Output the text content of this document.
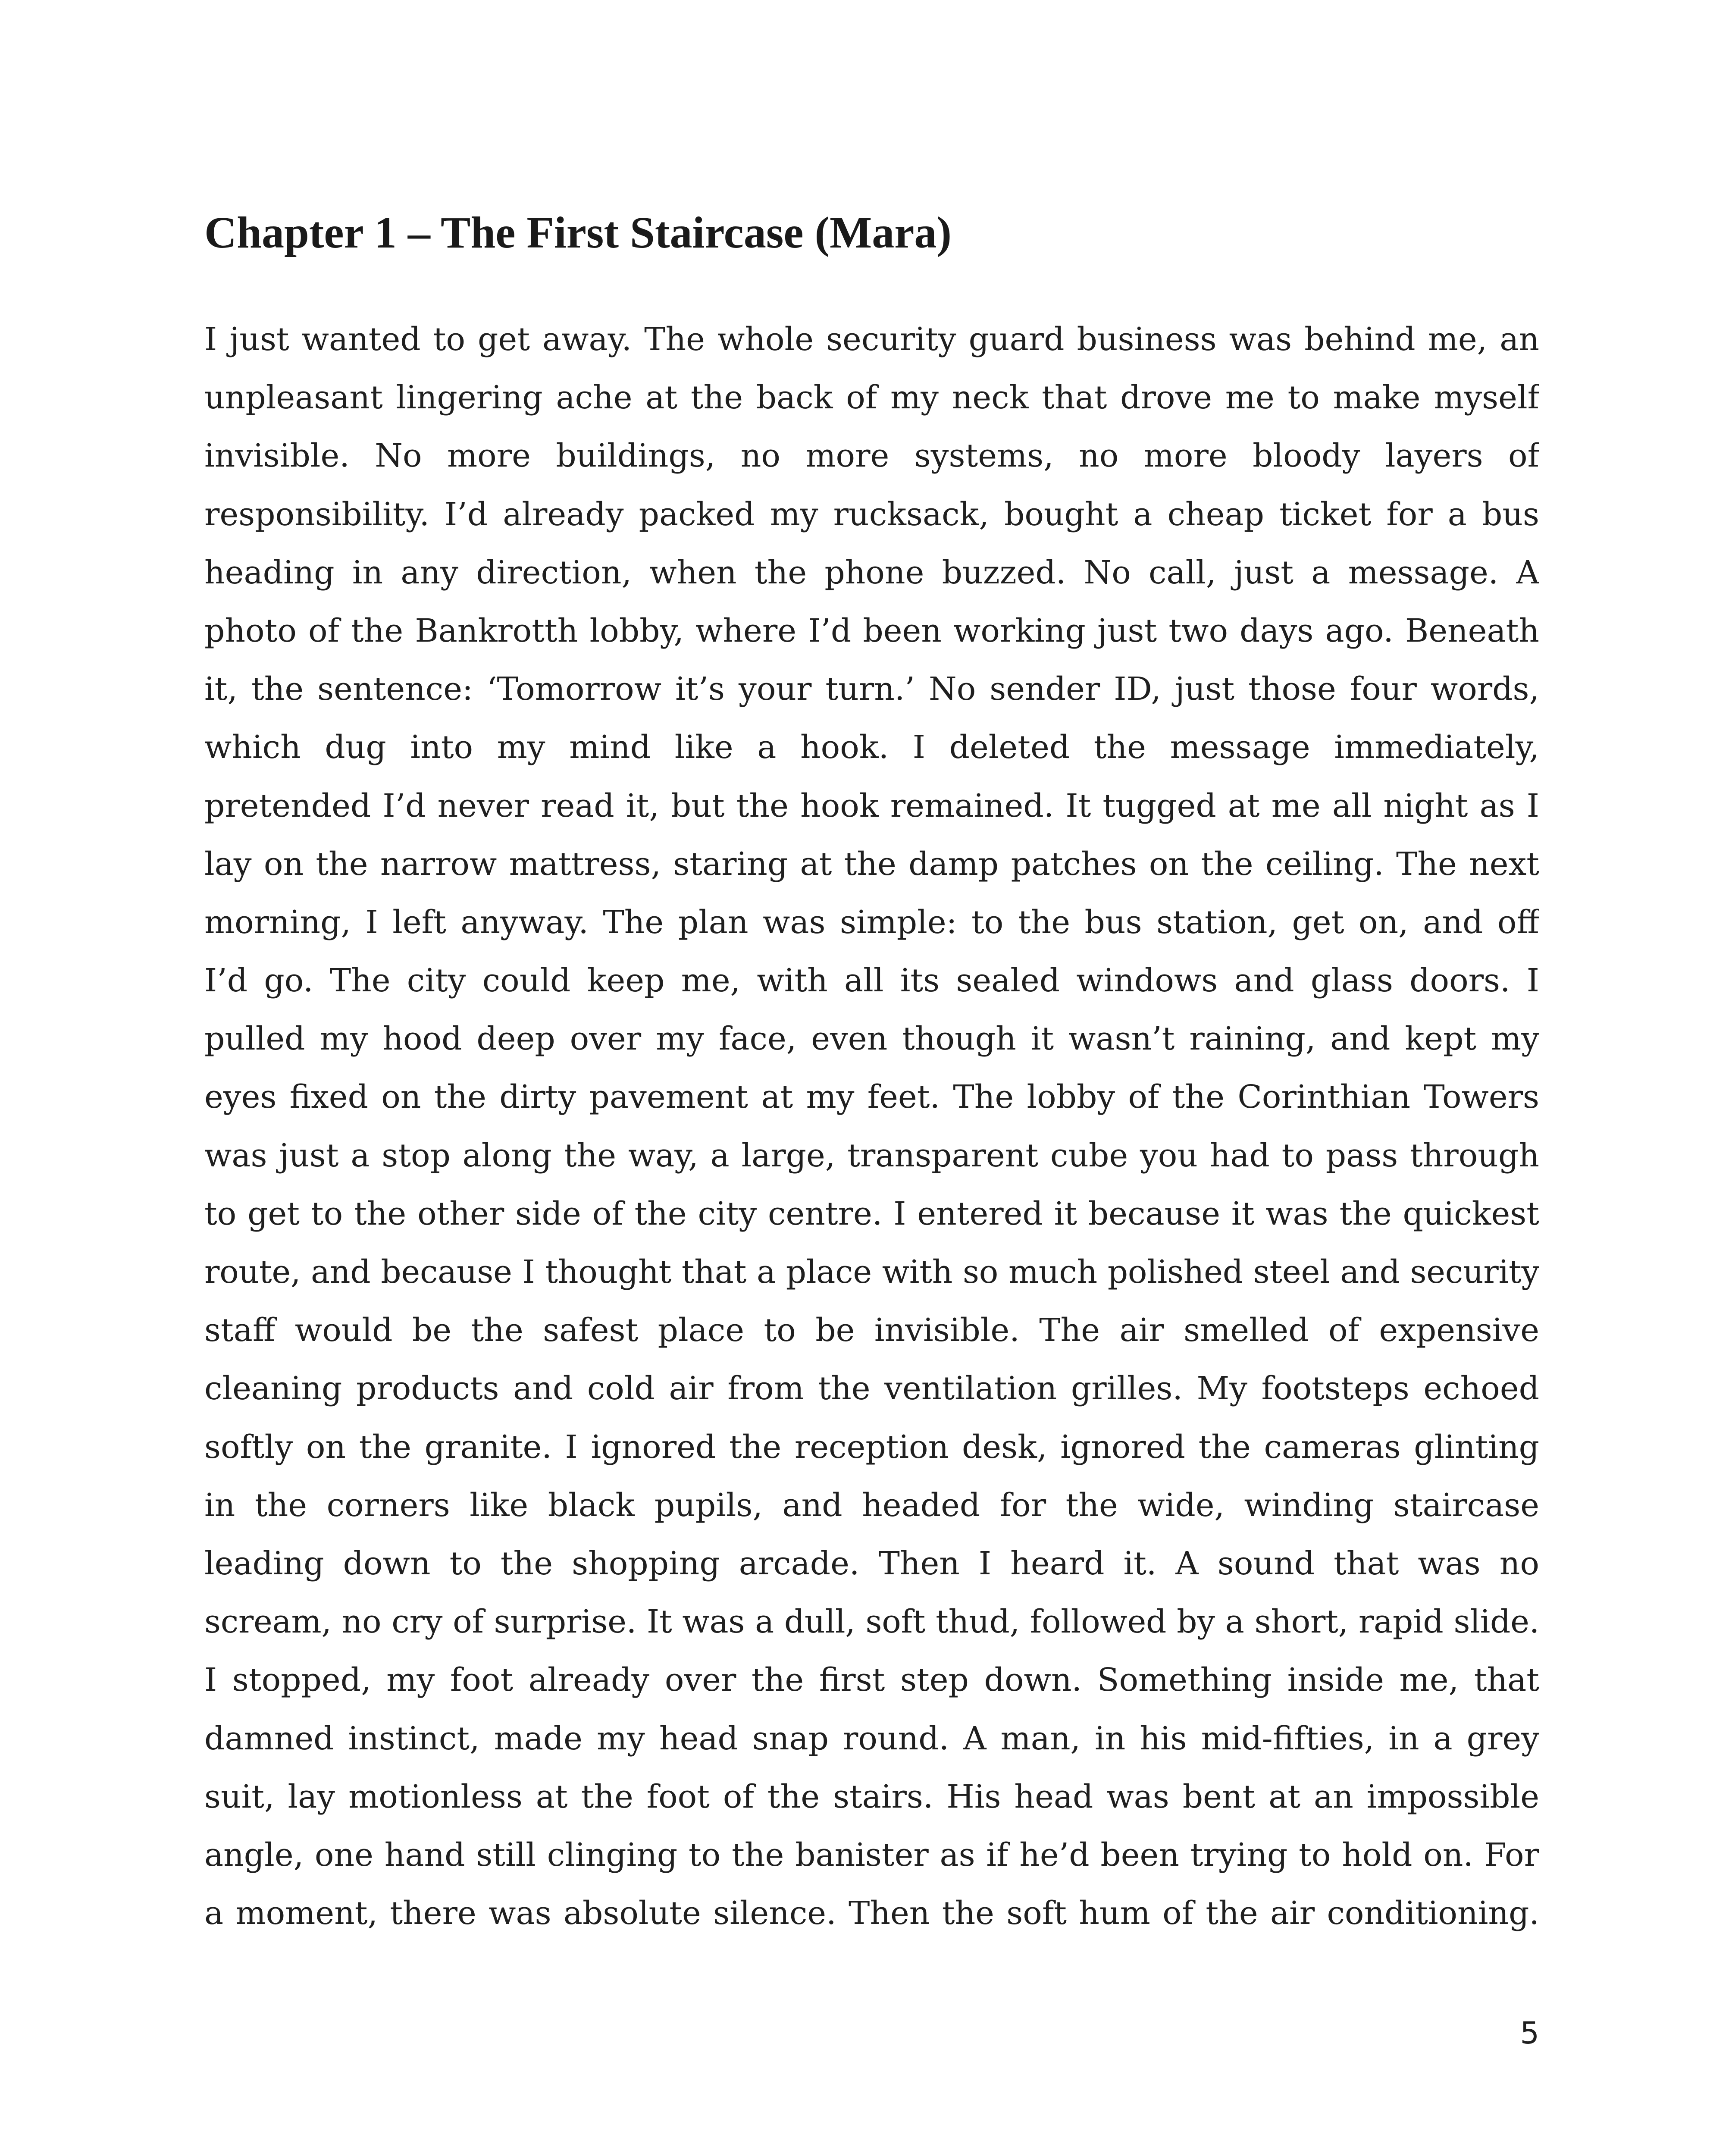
Chapter 1 – The First Staircase (Mara)
I just wanted to get away. The whole security guard business was behind me, an
unpleasant lingering ache at the back of my neck that drove me to make myself
invisible. No more buildings, no more systems, no more bloody layers of
responsibility. I’d already packed my rucksack, bought a cheap ticket for a bus
heading in any direction, when the phone buzzed. No call, just a message. A
photo of the Bankrotth lobby, where I’d been working just two days ago. Beneath
it, the sentence: ‘Tomorrow it’s your turn.’ No sender ID, just those four words,
which dug into my mind like a hook. I deleted the message immediately,
pretended I’d never read it, but the hook remained. It tugged at me all night as I
lay on the narrow mattress, staring at the damp patches on the ceiling. The next
morning, I left anyway. The plan was simple: to the bus station, get on, and off
I’d go. The city could keep me, with all its sealed windows and glass doors. I
pulled my hood deep over my face, even though it wasn’t raining, and kept my
eyes fixed on the dirty pavement at my feet. The lobby of the Corinthian Towers
was just a stop along the way, a large, transparent cube you had to pass through
to get to the other side of the city centre. I entered it because it was the quickest
route, and because I thought that a place with so much polished steel and security
staff would be the safest place to be invisible. The air smelled of expensive
cleaning products and cold air from the ventilation grilles. My footsteps echoed
softly on the granite. I ignored the reception desk, ignored the cameras glinting
in the corners like black pupils, and headed for the wide, winding staircase
leading down to the shopping arcade. Then I heard it. A sound that was no
scream, no cry of surprise. It was a dull, soft thud, followed by a short, rapid slide.
I stopped, my foot already over the first step down. Something inside me, that
damned instinct, made my head snap round. A man, in his mid-fifties, in a grey
suit, lay motionless at the foot of the stairs. His head was bent at an impossible
angle, one hand still clinging to the banister as if he’d been trying to hold on. For
a moment, there was absolute silence. Then the soft hum of the air conditioning.
5
